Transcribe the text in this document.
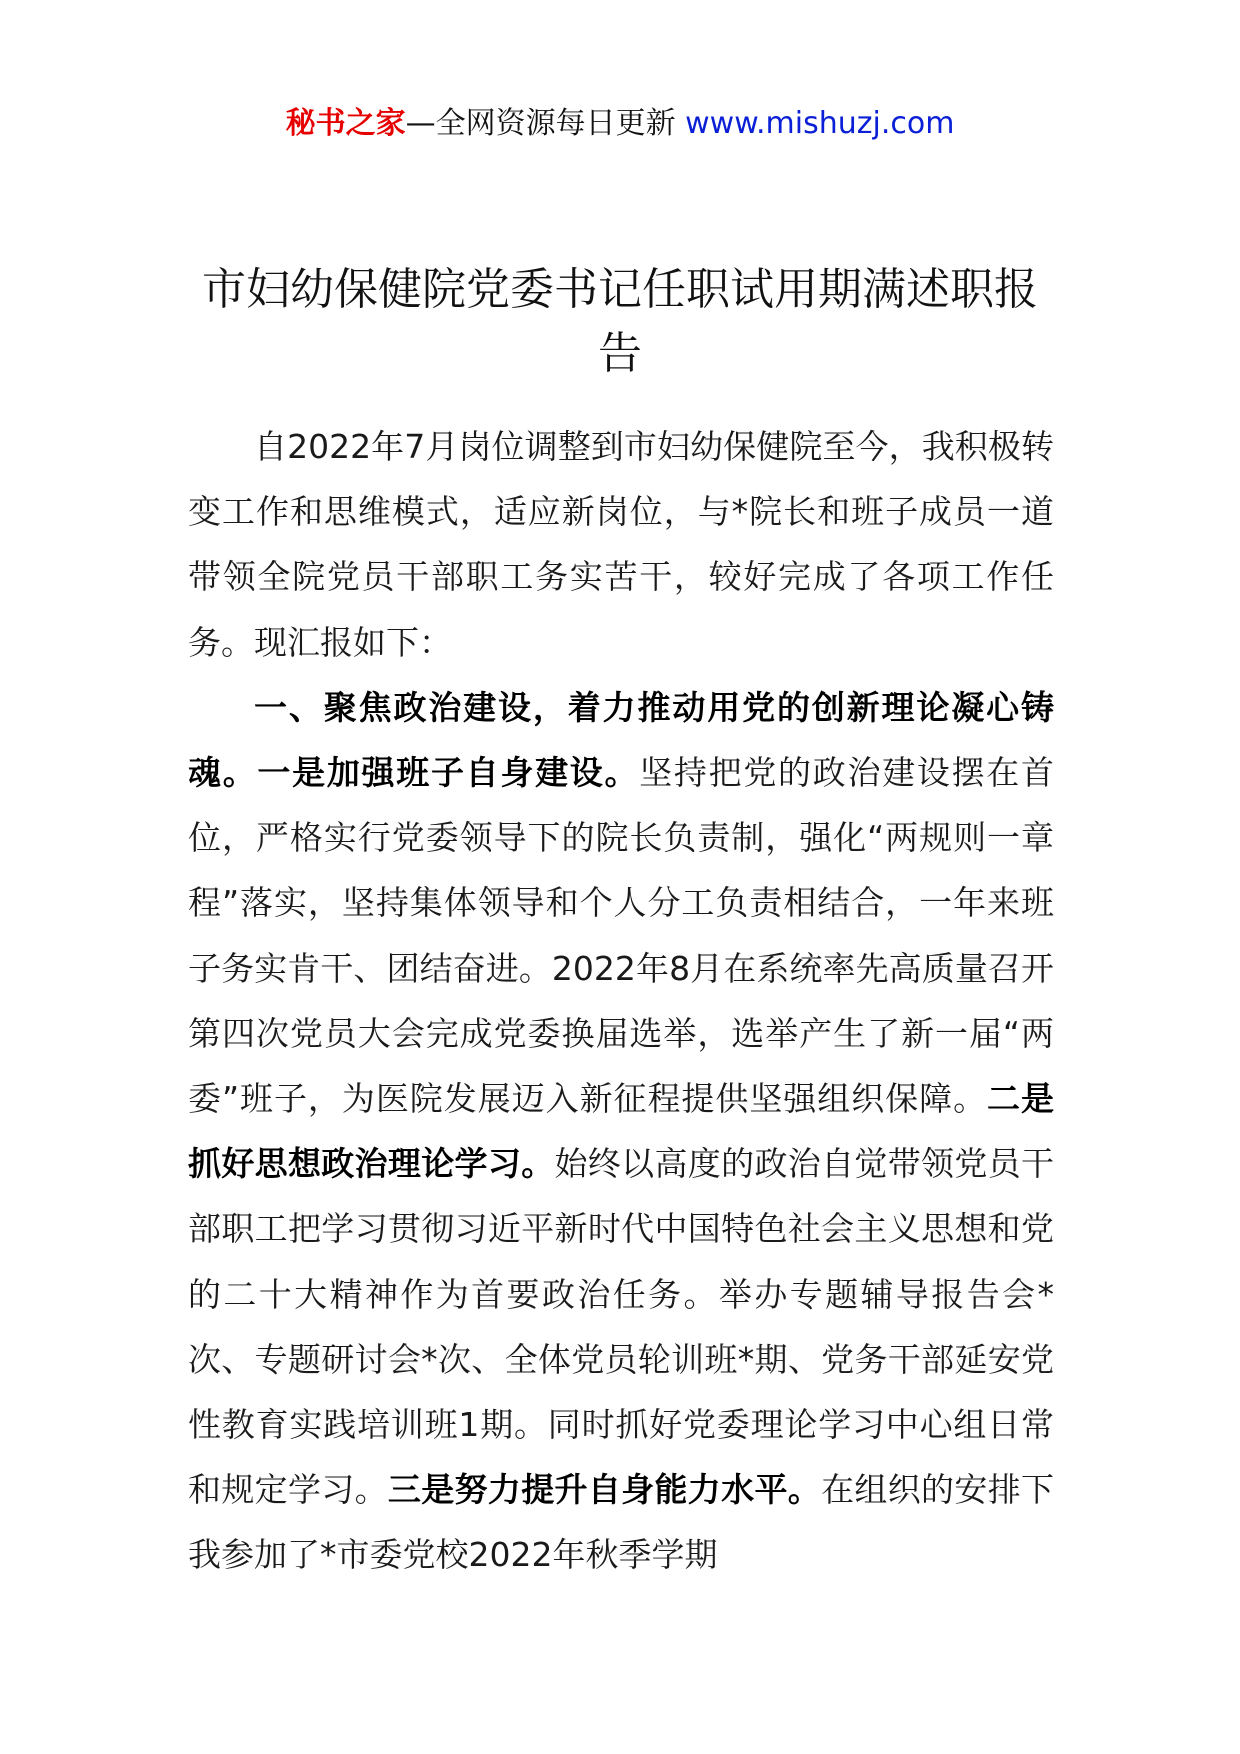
秘书之家—全网资源每日更新 www.mishuzj.com
市妇幼保健院党委书记任职试用期满述职报告

自2022年7月岗位调整到市妇幼保健院至今，我积极转变工作和思维模式，适应新岗位，与*院长和班子成员一道带领全院党员干部职工务实苦干，较好完成了各项工作任务。现汇报如下：

一、聚焦政治建设，着力推动用党的创新理论凝心铸魂。一是加强班子自身建设。坚持把党的政治建设摆在首位，严格实行党委领导下的院长负责制，强化“两规则一章程”落实，坚持集体领导和个人分工负责相结合，一年来班子务实肯干、团结奋进。2022年8月在系统率先高质量召开第四次党员大会完成党委换届选举，选举产生了新一届“两委”班子，为医院发展迈入新征程提供坚强组织保障。二是抓好思想政治理论学习。始终以高度的政治自觉带领党员干部职工把学习贯彻习近平新时代中国特色社会主义思想和党的二十大精神作为首要政治任务。举办专题辅导报告会*次、专题研讨会*次、全体党员轮训班*期、党务干部延安党性教育实践培训班1期。同时抓好党委理论学习中心组日常和规定学习。三是努力提升自身能力水平。在组织的安排下我参加了*市委党校2022年秋季学期
